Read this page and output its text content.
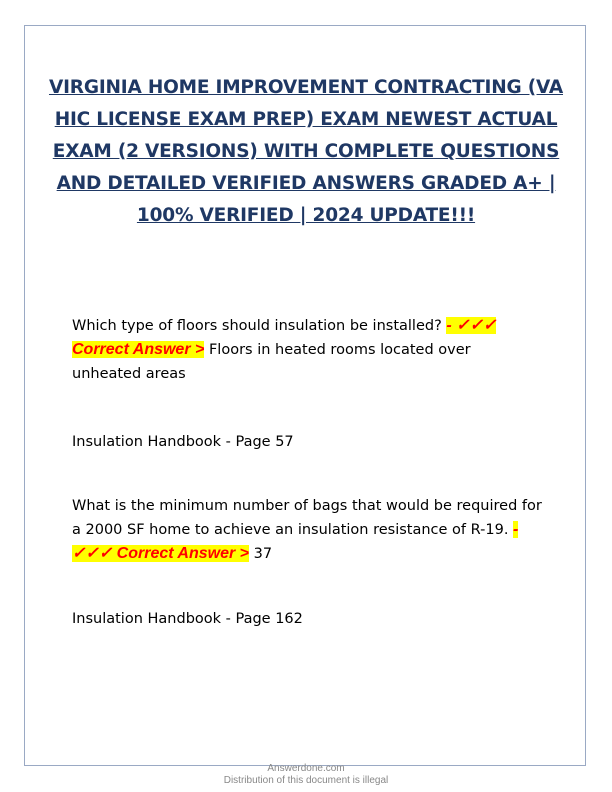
VIRGINIA HOME IMPROVEMENT CONTRACTING (VA HIC LICENSE EXAM PREP) EXAM NEWEST ACTUAL EXAM (2 VERSIONS) WITH COMPLETE QUESTIONS AND DETAILED VERIFIED ANSWERS GRADED A+ | 100% VERIFIED | 2024 UPDATE!!!
Which type of floors should insulation be installed? - ✓✓✓ Correct Answer > Floors in heated rooms located over unheated areas
Insulation Handbook - Page 57
What is the minimum number of bags that would be required for a 2000 SF home to achieve an insulation resistance of R-19. - ✓✓✓ Correct Answer > 37
Insulation Handbook - Page 162
Answerdone.com
Distribution of this document is illegal
